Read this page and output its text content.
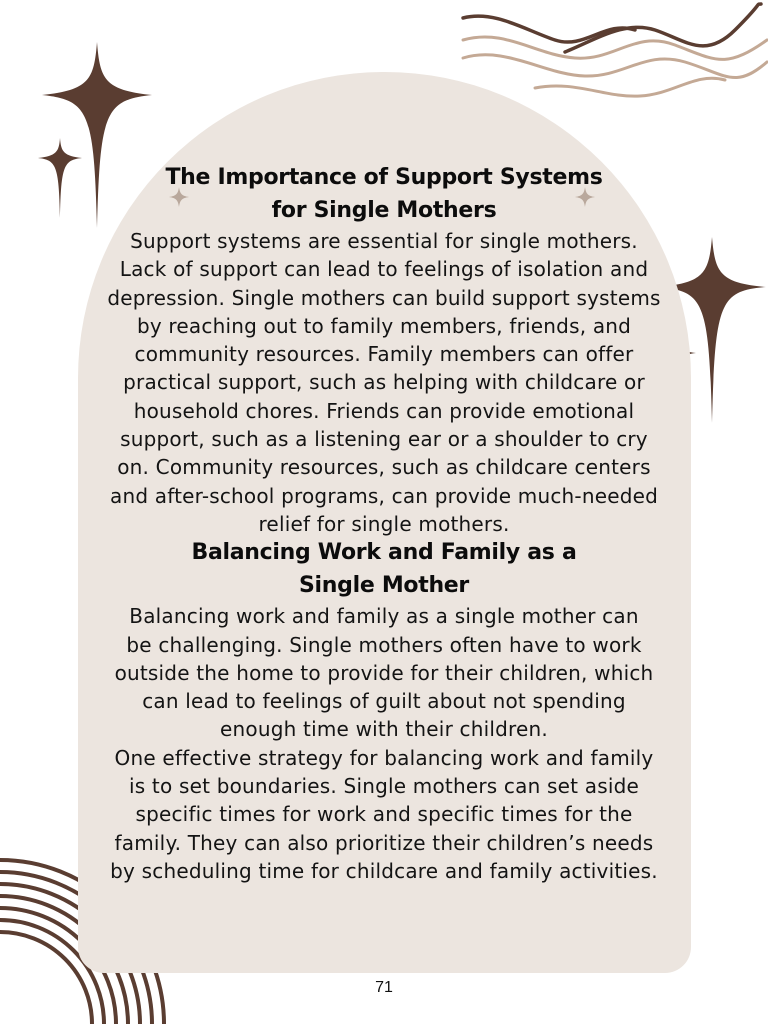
The Importance of Support Systems for Single Mothers

Support systems are essential for single mothers. Lack of support can lead to feelings of isolation and depression. Single mothers can build support systems by reaching out to family members, friends, and community resources. Family members can offer practical support, such as helping with childcare or household chores. Friends can provide emotional support, such as a listening ear or a shoulder to cry on. Community resources, such as childcare centers and after-school programs, can provide much-needed relief for single mothers.

Balancing Work and Family as a Single Mother

Balancing work and family as a single mother can be challenging. Single mothers often have to work outside the home to provide for their children, which can lead to feelings of guilt about not spending enough time with their children.

One effective strategy for balancing work and family is to set boundaries. Single mothers can set aside specific times for work and specific times for the family. They can also prioritize their children’s needs by scheduling time for childcare and family activities.

71
